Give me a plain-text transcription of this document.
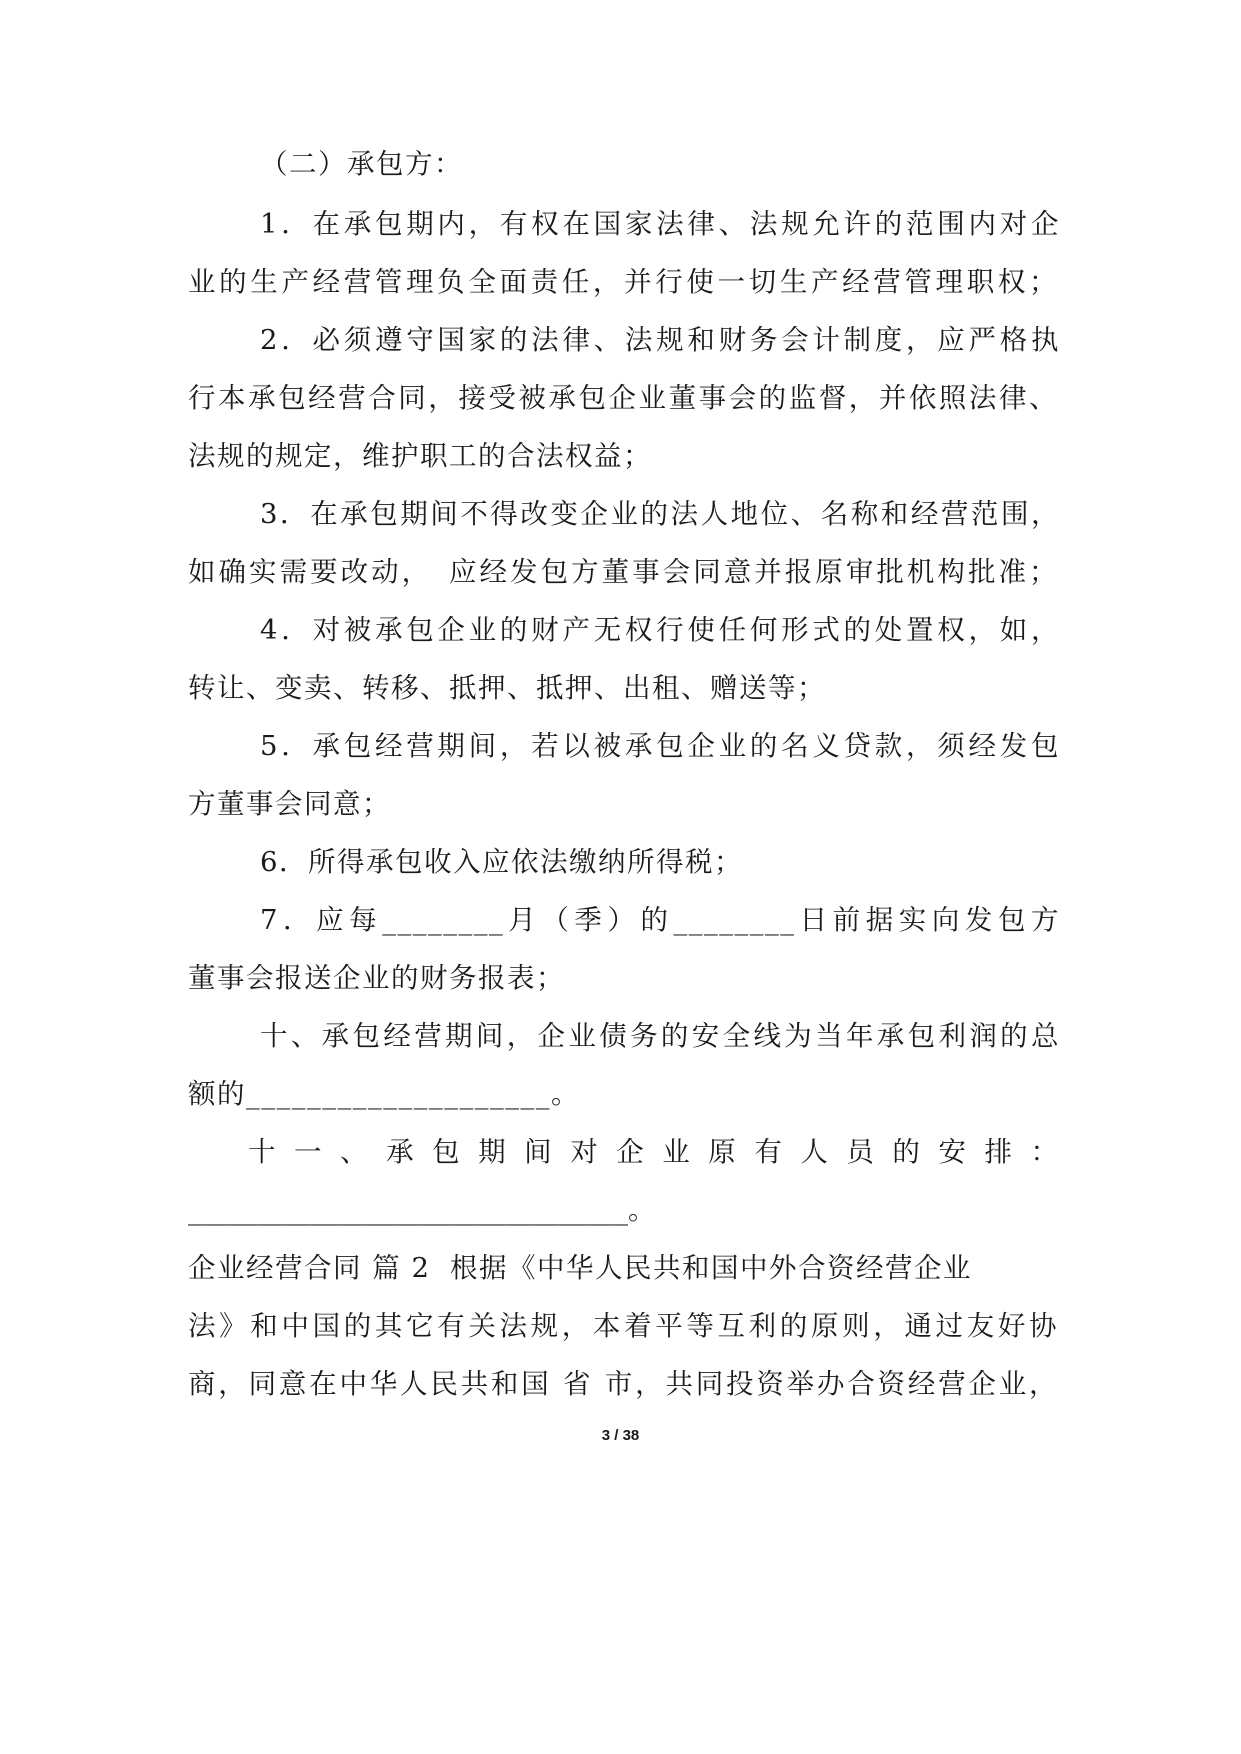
（二）承包方：
1．在承包期内，有权在国家法律、法规允许的范围内对企
业的生产经营管理负全面责任，并行使一切生产经营管理职权；
2．必须遵守国家的法律、法规和财务会计制度，应严格执
行本承包经营合同，接受被承包企业董事会的监督，并依照法律、
法规的规定，维护职工的合法权益；
3．在承包期间不得改变企业的法人地位、名称和经营范围，
如确实需要改动，　应经发包方董事会同意并报原审批机构批准；
4．对被承包企业的财产无权行使任何形式的处置权，如，
转让、变卖、转移、抵押、抵押、出租、赠送等；
5．承包经营期间，若以被承包企业的名义贷款，须经发包
方董事会同意；
6．所得承包收入应依法缴纳所得税；
7．应每________月（季）的________日前据实向发包方
董事会报送企业的财务报表；
十、承包经营期间，企业债务的安全线为当年承包利润的总
额的____________________。
十 一 、 承 包 期 间 对 企 业 原 有 人 员 的 安 排 ：
________________________________。
企业经营合同 篇 2 根据《中华人民共和国中外合资经营企业
法》和中国的其它有关法规，本着平等互利的原则，通过友好协
商，同意在中华人民共和国 省 市，共同投资举办合资经营企业，
3 / 38
